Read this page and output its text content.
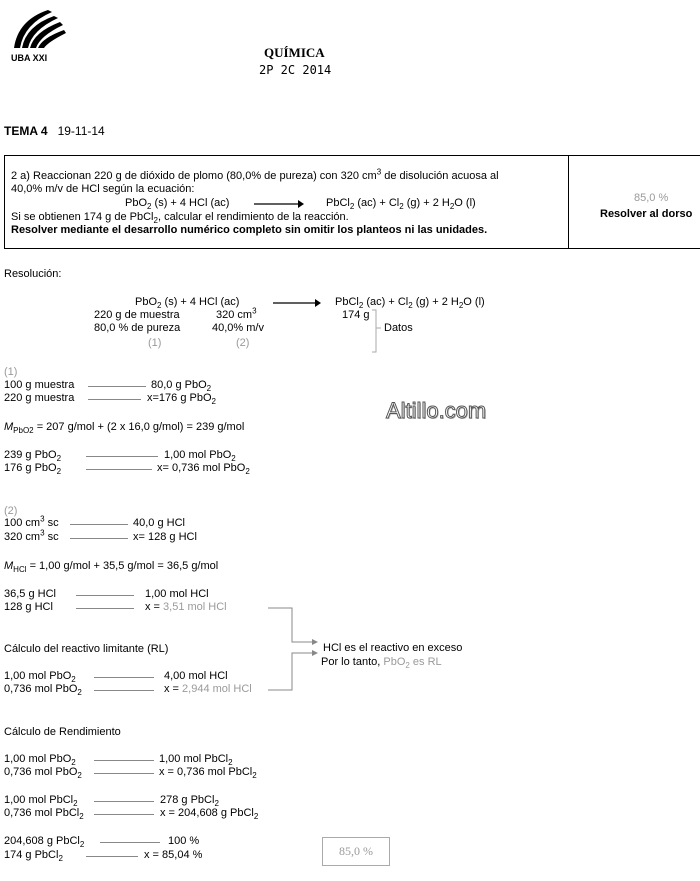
UBA XXI	QUÍMICA
2P 2C 2014
TEMA 4 19-11-14
2 a) Reaccionan 220 g de dióxido de plomo (80,0% de pureza) con 320 $cm^3$ de disolución acuosa al
40,0% m/v de HCl según la ecuación:
PbO$_2$ (s) + 4 HCl (ac)	PbCl$_2$ $(ac) + Cl_2$ (g) + 2 $H_2O$ (l)
Si se obtienen 174 g de PbCl$_2$, calcular el rendimiento de la reacción.
Resolver mediante el desarrollo numérico completo sin omitir los planteos ni las unidades.
85,0 %
Resolver al dorso
Resolución:
PbO$_2$ (s) + 4 HCl (ac)	PbCl$_2$ $(ac) + Cl_2$ (g) + 2 $H_2O$ (l)
220 g de muestra	320 $cm^3$	174 g
80,0 % de pureza	40,0% m/v
(1)	(2)
Datos
(1)
100 g muestra	80,0 g PbO$_2$
220 g muestra	x=176 g PbO$_2$	Altillo.com
$M_{PbO2} = 207$ g/mol + (2 x 16,0 g/mol) = 239 g/mol
239 g PbO$_2$	1,00 mol PbO$_2$
176 g PbO$_2$	x= 0,736 mol PbO$_2$
(2)
100 $cm^3$ sc	40,0 g HCl
320 $cm^3$ sc	x= 128 g HCl
$M_{HCl} = 1,00$ g/mol + 35,5 g/mol = 36,5 g/mol
36,5 g HCl	1,00 mol HCl
128 g HCl	x = 3,51 mol HCl
HCl es el reactivo en exceso
Por lo tanto, PbO$_2$ es RL
Cálculo del reactivo limitante (RL)
1,00 mol PbO$_2$	4,00 mol HCl
0,736 mol PbO$_2$	x = 2,944 mol HCl
Cálculo de Rendimiento
1,00 mol PbO$_2$	1,00 mol PbCl$_2$
0,736 mol PbO$_2$	x = 0,736 mol PbCl$_2$
1,00 mol PbCl$_2$	278 g PbCl$_2$
0,736 mol PbCl$_2$	x = 204,608 g PbCl$_2$
204,608 g PbCl$_2$	100 %
174 g PbCl$_2$	x = 85,04 %	85,0 %
